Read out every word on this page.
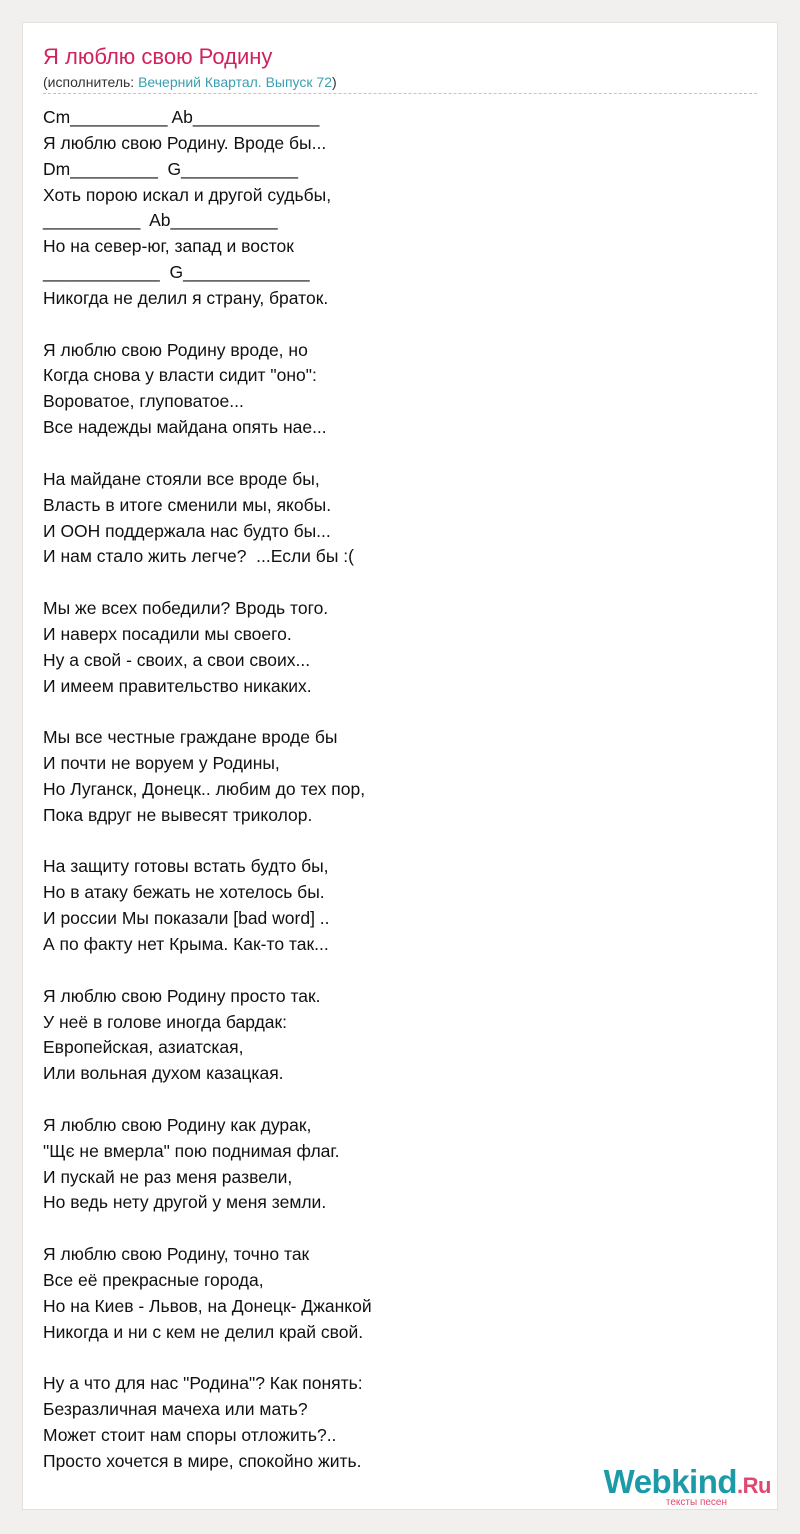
Я люблю свою Родину
(исполнитель: Вечерний Квартал. Выпуск 72)
Cm__________ Ab_____________
Я люблю свою Родину. Вроде бы...
Dm_________  G____________
Хоть порою искал и другой судьбы,
__________  Ab___________
Но на север-юг, запад и восток
____________  G_____________
Никогда не делил я страну, браток.
Я люблю свою Родину вроде, но
Когда снова у власти сидит "оно":
Вороватое, глуповатое...
Все надежды майдана опять нае...
На майдане стояли все вроде бы,
Власть в итоге сменили мы, якобы.
И ООН поддержала нас будто бы...
И нам стало жить легче?  ...Если бы :(
Мы же всех победили? Вродь того.
И наверх посадили мы своего.
Ну а свой - своих, а свои своих...
И имеем правительство никаких.
Мы все честные граждане вроде бы
И почти не воруем у Родины,
Но Луганск, Донецк.. любим до тех пор,
Пока вдруг не вывесят триколор.
На защиту готовы встать будто бы,
Но в атаку бежать не хотелось бы.
И россии Мы показали [bad word] ..
А по факту нет Крыма. Как-то так...
Я люблю свою Родину просто так.
У неё в голове иногда бардак:
Европейская, азиатская,
Или вольная духом казацкая.
Я люблю свою Родину как дурак,
"Щє не вмерла" пою поднимая флаг.
И пускай не раз меня развели,
Но ведь нету другой у меня земли.
Я люблю свою Родину, точно так
Все её прекрасные города,
Но на Киев - Львов, на Донецк- Джанкой
Никогда и ни с кем не делил край свой.
Ну а что для нас "Родина"? Как понять:
Безразличная мачеха или мать?
Может стоит нам споры отложить?..
Просто хочется в мире, спокойно жить.
Webkind.Ru
тексты песен
